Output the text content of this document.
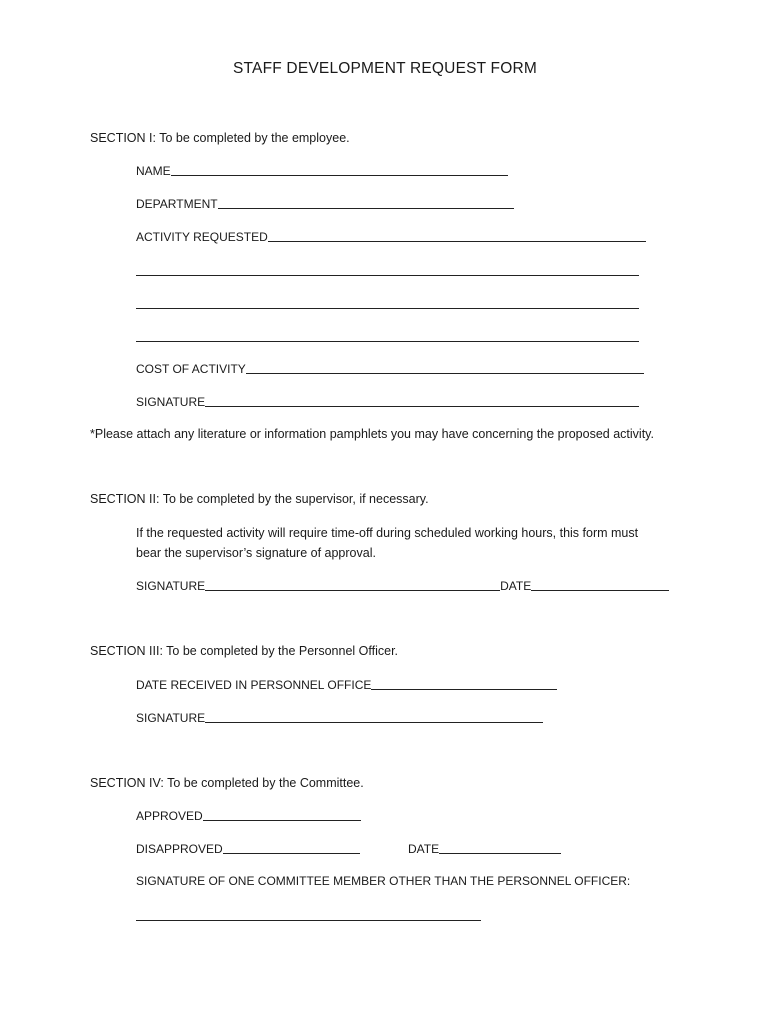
STAFF DEVELOPMENT REQUEST FORM
SECTION I: To be completed by the employee.
NAME
DEPARTMENT
ACTIVITY REQUESTED
COST OF ACTIVITY
SIGNATURE
*Please attach any literature or information pamphlets you may have concerning the proposed activity.
SECTION II: To be completed by the supervisor, if necessary.
If the requested activity will require time-off during scheduled working hours, this form must
bear the supervisor’s signature of approval.
SIGNATURE	DATE
SECTION III: To be completed by the Personnel Officer.
DATE RECEIVED IN PERSONNEL OFFICE
SIGNATURE
SECTION IV: To be completed by the Committee.
APPROVED
DISAPPROVED	DATE
SIGNATURE OF ONE COMMITTEE MEMBER OTHER THAN THE PERSONNEL OFFICER:
